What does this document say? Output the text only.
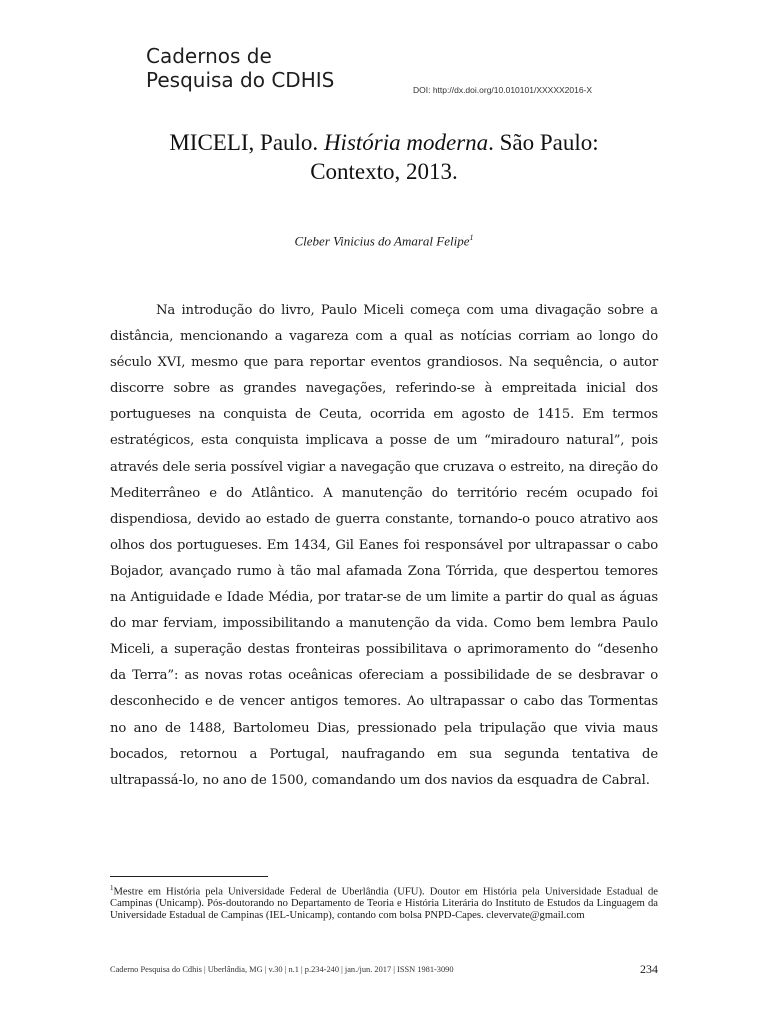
Cadernos de
Pesquisa do CDHIS	DOI: http://dx.doi.org/10.010101/XXXXX2016-X
MICELI, Paulo. História moderna. São Paulo:
Contexto, 2013.
Cleber Vinicius do Amaral Felipe$^1$

Na introdução do livro, Paulo Miceli começa com uma divagação sobre a distância, mencionando a vagareza com a qual as notícias corriam ao longo do século XVI, mesmo que para reportar eventos grandiosos. Na sequência, o autor discorre sobre as grandes navegações, referindo-se à empreitada inicial dos portugueses na conquista de Ceuta, ocorrida em agosto de 1415. Em termos estratégicos, esta conquista implicava a posse de um “miradouro natural”, pois através dele seria possível vigiar a navegação que cruzava o estreito, na direção do Mediterrâneo e do Atlântico. A manutenção do território recém ocupado foi dispendiosa, devido ao estado de guerra constante, tornando-o pouco atrativo aos olhos dos portugueses. Em 1434, Gil Eanes foi responsável por ultrapassar o cabo Bojador, avançado rumo à tão mal afamada Zona Tórrida, que despertou temores na Antiguidade e Idade Média, por tratar-se de um limite a partir do qual as águas do mar ferviam, impossibilitando a manutenção da vida. Como bem lembra Paulo Miceli, a superação destas fronteiras possibilitava o aprimoramento do “desenho da Terra”: as novas rotas oceânicas ofereciam a possibilidade de se desbravar o desconhecido e de vencer antigos temores. Ao ultrapassar o cabo das Tormentas no ano de 1488, Bartolomeu Dias, pressionado pela tripulação que vivia maus bocados, retornou a Portugal, naufragando em sua segunda tentativa de ultrapassá-lo, no ano de 1500, comandando um dos navios da esquadra de Cabral.

$^1$Mestre em História pela Universidade Federal de Uberlândia (UFU). Doutor em História pela Universidade Estadual de Campinas (Unicamp). Pós-doutorando no Departamento de Teoria e História Literária do Instituto de Estudos da Linguagem da Universidade Estadual de Campinas (IEL-Unicamp), contando com bolsa PNPD-Capes. clevervate@gmail.com

Caderno Pesquisa do Cdhis | Uberlândia, MG | v.30 | n.1 | p.234-240 | jan./jun. 2017 | ISSN 1981-3090	234
